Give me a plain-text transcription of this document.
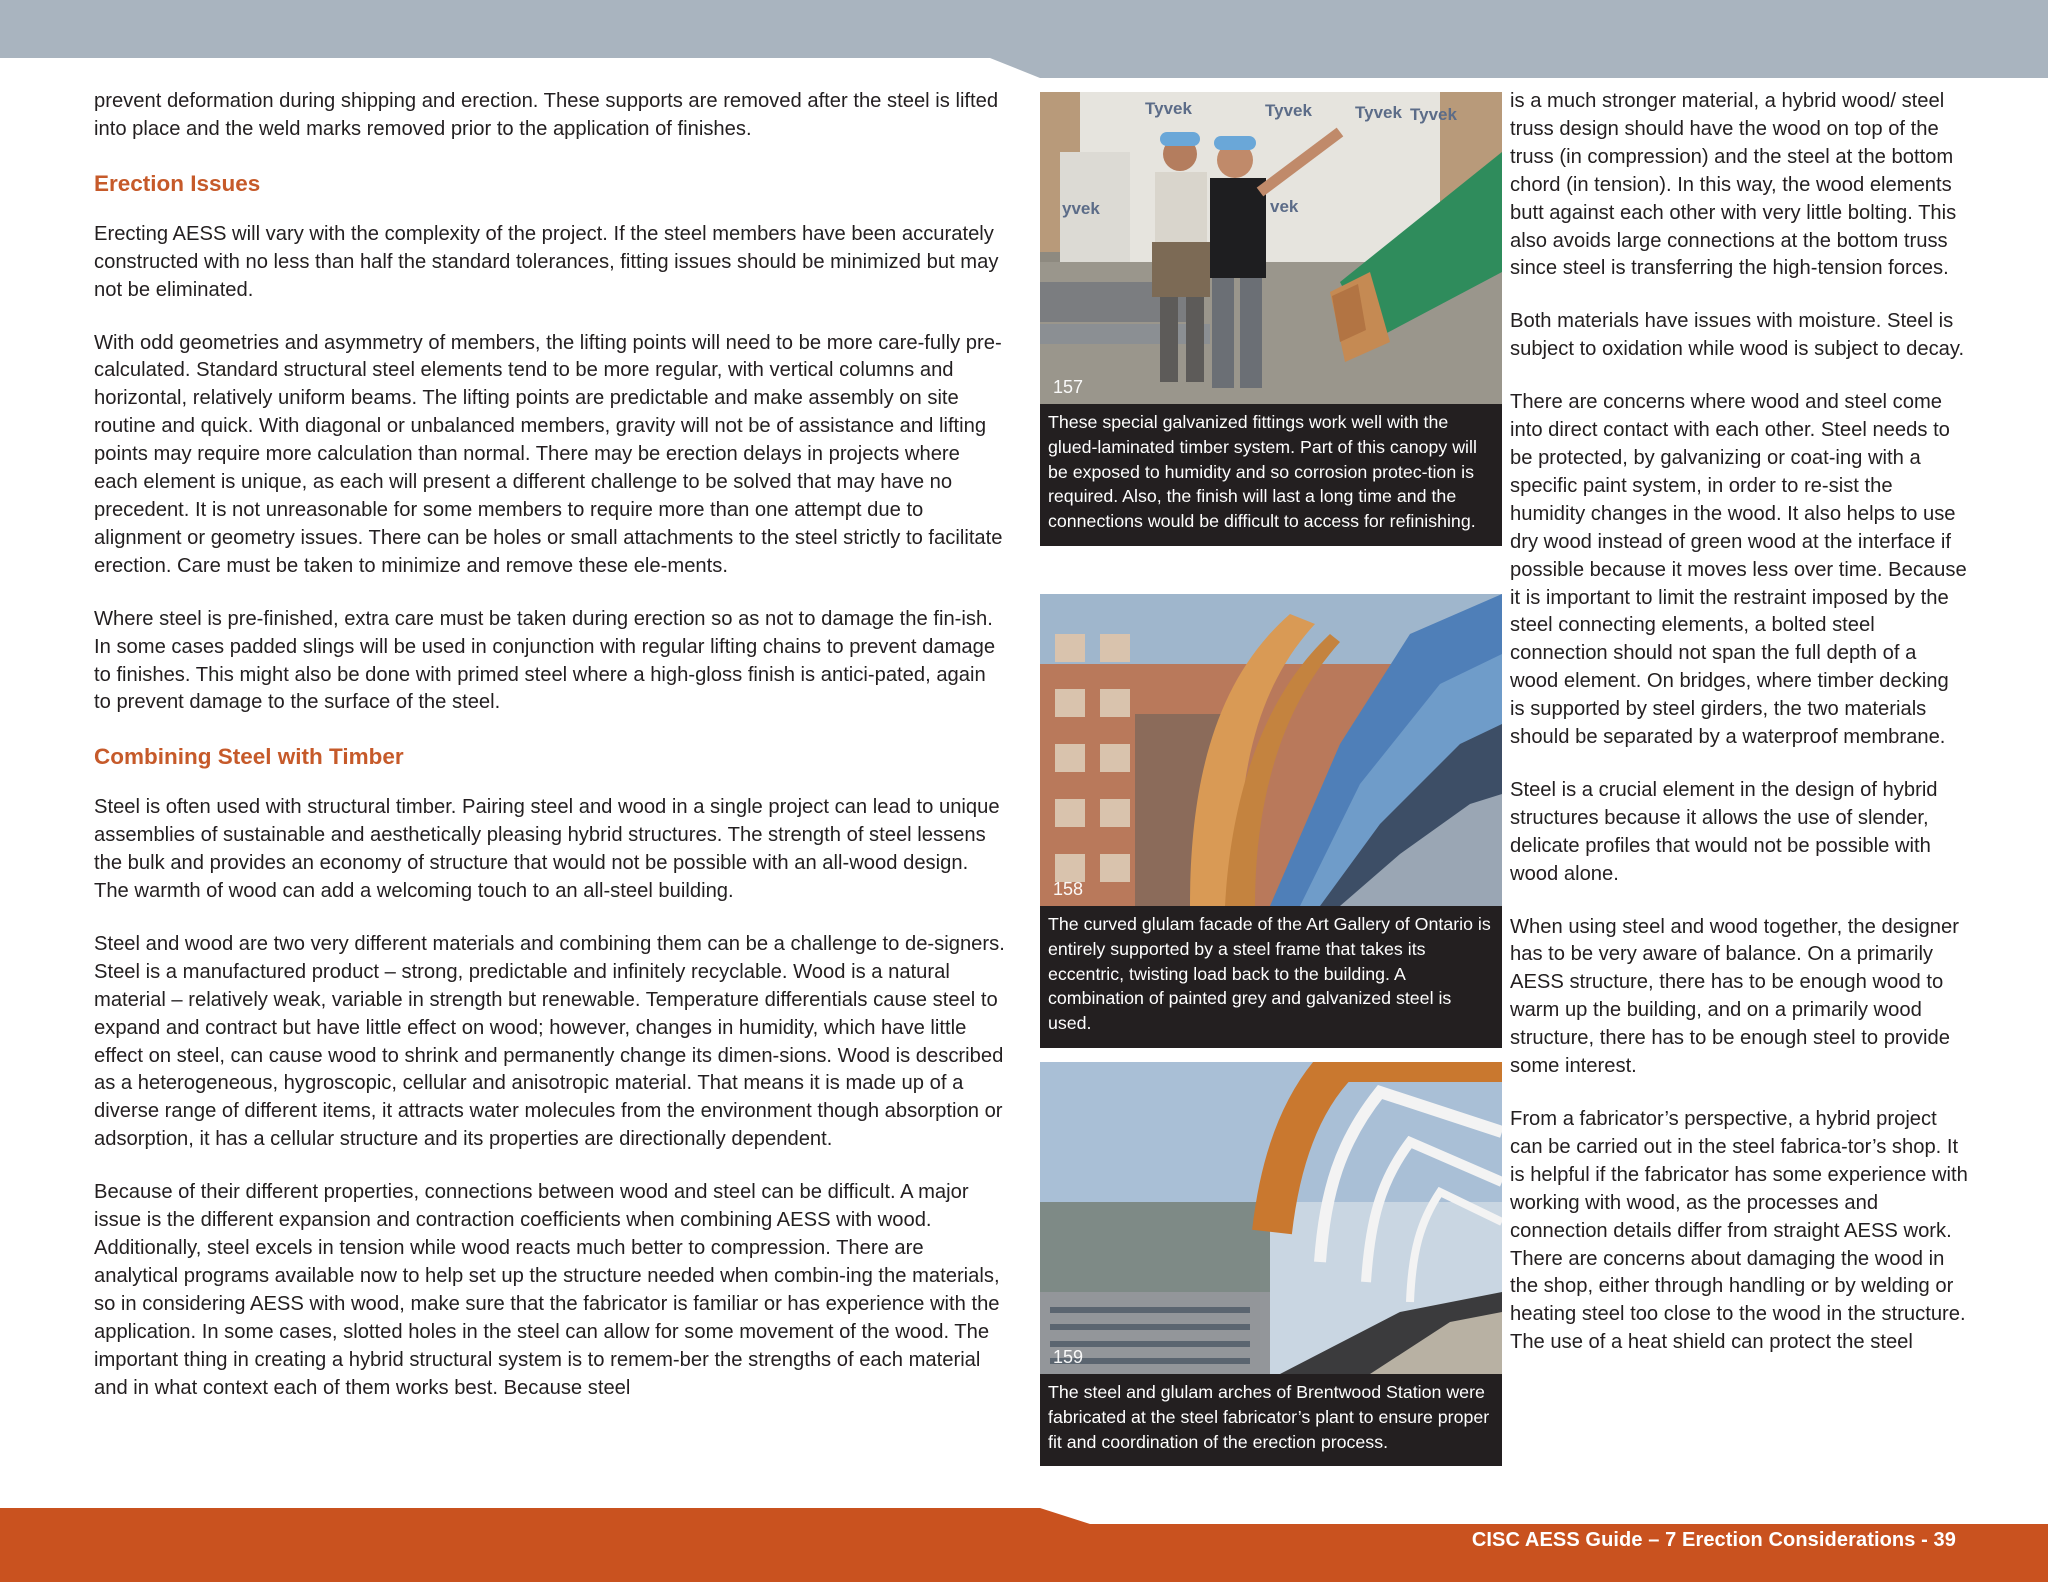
prevent deformation during shipping and erection. These supports are removed after the steel is lifted into place and the weld marks removed prior to the application of finishes.

Erection Issues

Erecting AESS will vary with the complexity of the project. If the steel members have been accurately constructed with no less than half the standard tolerances, fitting issues should be minimized but may not be eliminated.

With odd geometries and asymmetry of members, the lifting points will need to be more care-fully pre-calculated. Standard structural steel elements tend to be more regular, with vertical columns and horizontal, relatively uniform beams. The lifting points are predictable and make assembly on site routine and quick. With diagonal or unbalanced members, gravity will not be of assistance and lifting points may require more calculation than normal. There may be erection delays in projects where each element is unique, as each will present a different challenge to be solved that may have no precedent. It is not unreasonable for some members to require more than one attempt due to alignment or geometry issues. There can be holes or small attachments to the steel strictly to facilitate erection. Care must be taken to minimize and remove these ele-ments.

Where steel is pre-finished, extra care must be taken during erection so as not to damage the fin-ish. In some cases padded slings will be used in conjunction with regular lifting chains to prevent damage to finishes. This might also be done with primed steel where a high-gloss finish is antici-pated, again to prevent damage to the surface of the steel.

Combining Steel with Timber

Steel is often used with structural timber. Pairing steel and wood in a single project can lead to unique assemblies of sustainable and aesthetically pleasing hybrid structures. The strength of steel lessens the bulk and provides an economy of structure that would not be possible with an all-wood design. The warmth of wood can add a welcoming touch to an all-steel building.

Steel and wood are two very different materials and combining them can be a challenge to de-signers. Steel is a manufactured product – strong, predictable and infinitely recyclable. Wood is a natural material – relatively weak, variable in strength but renewable. Temperature differentials cause steel to expand and contract but have little effect on wood; however, changes in humidity, which have little effect on steel, can cause wood to shrink and permanently change its dimen-sions. Wood is described as a heterogeneous, hygroscopic, cellular and anisotropic material. That means it is made up of a diverse range of different items, it attracts water molecules from the environment though absorption or adsorption, it has a cellular structure and its properties are directionally dependent.

Because of their different properties, connections between wood and steel can be difficult. A major issue is the different expansion and contraction coefficients when combining AESS with wood. Additionally, steel excels in tension while wood reacts much better to compression. There are analytical programs available now to help set up the structure needed when combin-ing the materials, so in considering AESS with wood, make sure that the fabricator is familiar or has experience with the application. In some cases, slotted holes in the steel can allow for some movement of the wood. The important thing in creating a hybrid structural system is to remem-ber the strengths of each material and in what context each of them works best. Because steel

Tyvek	Tyvek	Tyvek Tyvek
yvek	vek
157
These special galvanized fittings work well with the glued-laminated timber system. Part of this canopy will be exposed to humidity and so corrosion protec-tion is required. Also, the finish will last a long time and the connections would be difficult to access for refinishing.
158
The curved glulam facade of the Art Gallery of Ontario is entirely supported by a steel frame that takes its eccentric, twisting load back to the building. A combination of painted grey and galvanized steel is used.
159
The steel and glulam arches of Brentwood Station were fabricated at the steel fabricator’s plant to ensure proper fit and coordination of the erection process.

is a much stronger material, a hybrid wood/ steel truss design should have the wood on top of the truss (in compression) and the steel at the bottom chord (in tension). In this way, the wood elements butt against each other with very little bolting. This also avoids large connections at the bottom truss since steel is transferring the high-tension forces.

Both materials have issues with moisture. Steel is subject to oxidation while wood is subject to decay.

There are concerns where wood and steel come into direct contact with each other. Steel needs to be protected, by galvanizing or coat-ing with a specific paint system, in order to re-sist the humidity changes in the wood. It also helps to use dry wood instead of green wood at the interface if possible because it moves less over time. Because it is important to limit the restraint imposed by the steel connecting elements, a bolted steel connection should not span the full depth of a wood element. On bridges, where timber decking is supported by steel girders, the two materials should be separated by a waterproof membrane.

Steel is a crucial element in the design of hybrid structures because it allows the use of slender, delicate profiles that would not be possible with wood alone.

When using steel and wood together, the designer has to be very aware of balance. On a primarily AESS structure, there has to be enough wood to warm up the building, and on a primarily wood structure, there has to be enough steel to provide some interest.

From a fabricator’s perspective, a hybrid project can be carried out in the steel fabrica-tor’s shop. It is helpful if the fabricator has some experience with working with wood, as the processes and connection details differ from straight AESS work. There are concerns about damaging the wood in the shop, either through handling or by welding or heating steel too close to the wood in the structure. The use of a heat shield can protect the steel

CISC AESS Guide – 7 Erection Considerations - 39
